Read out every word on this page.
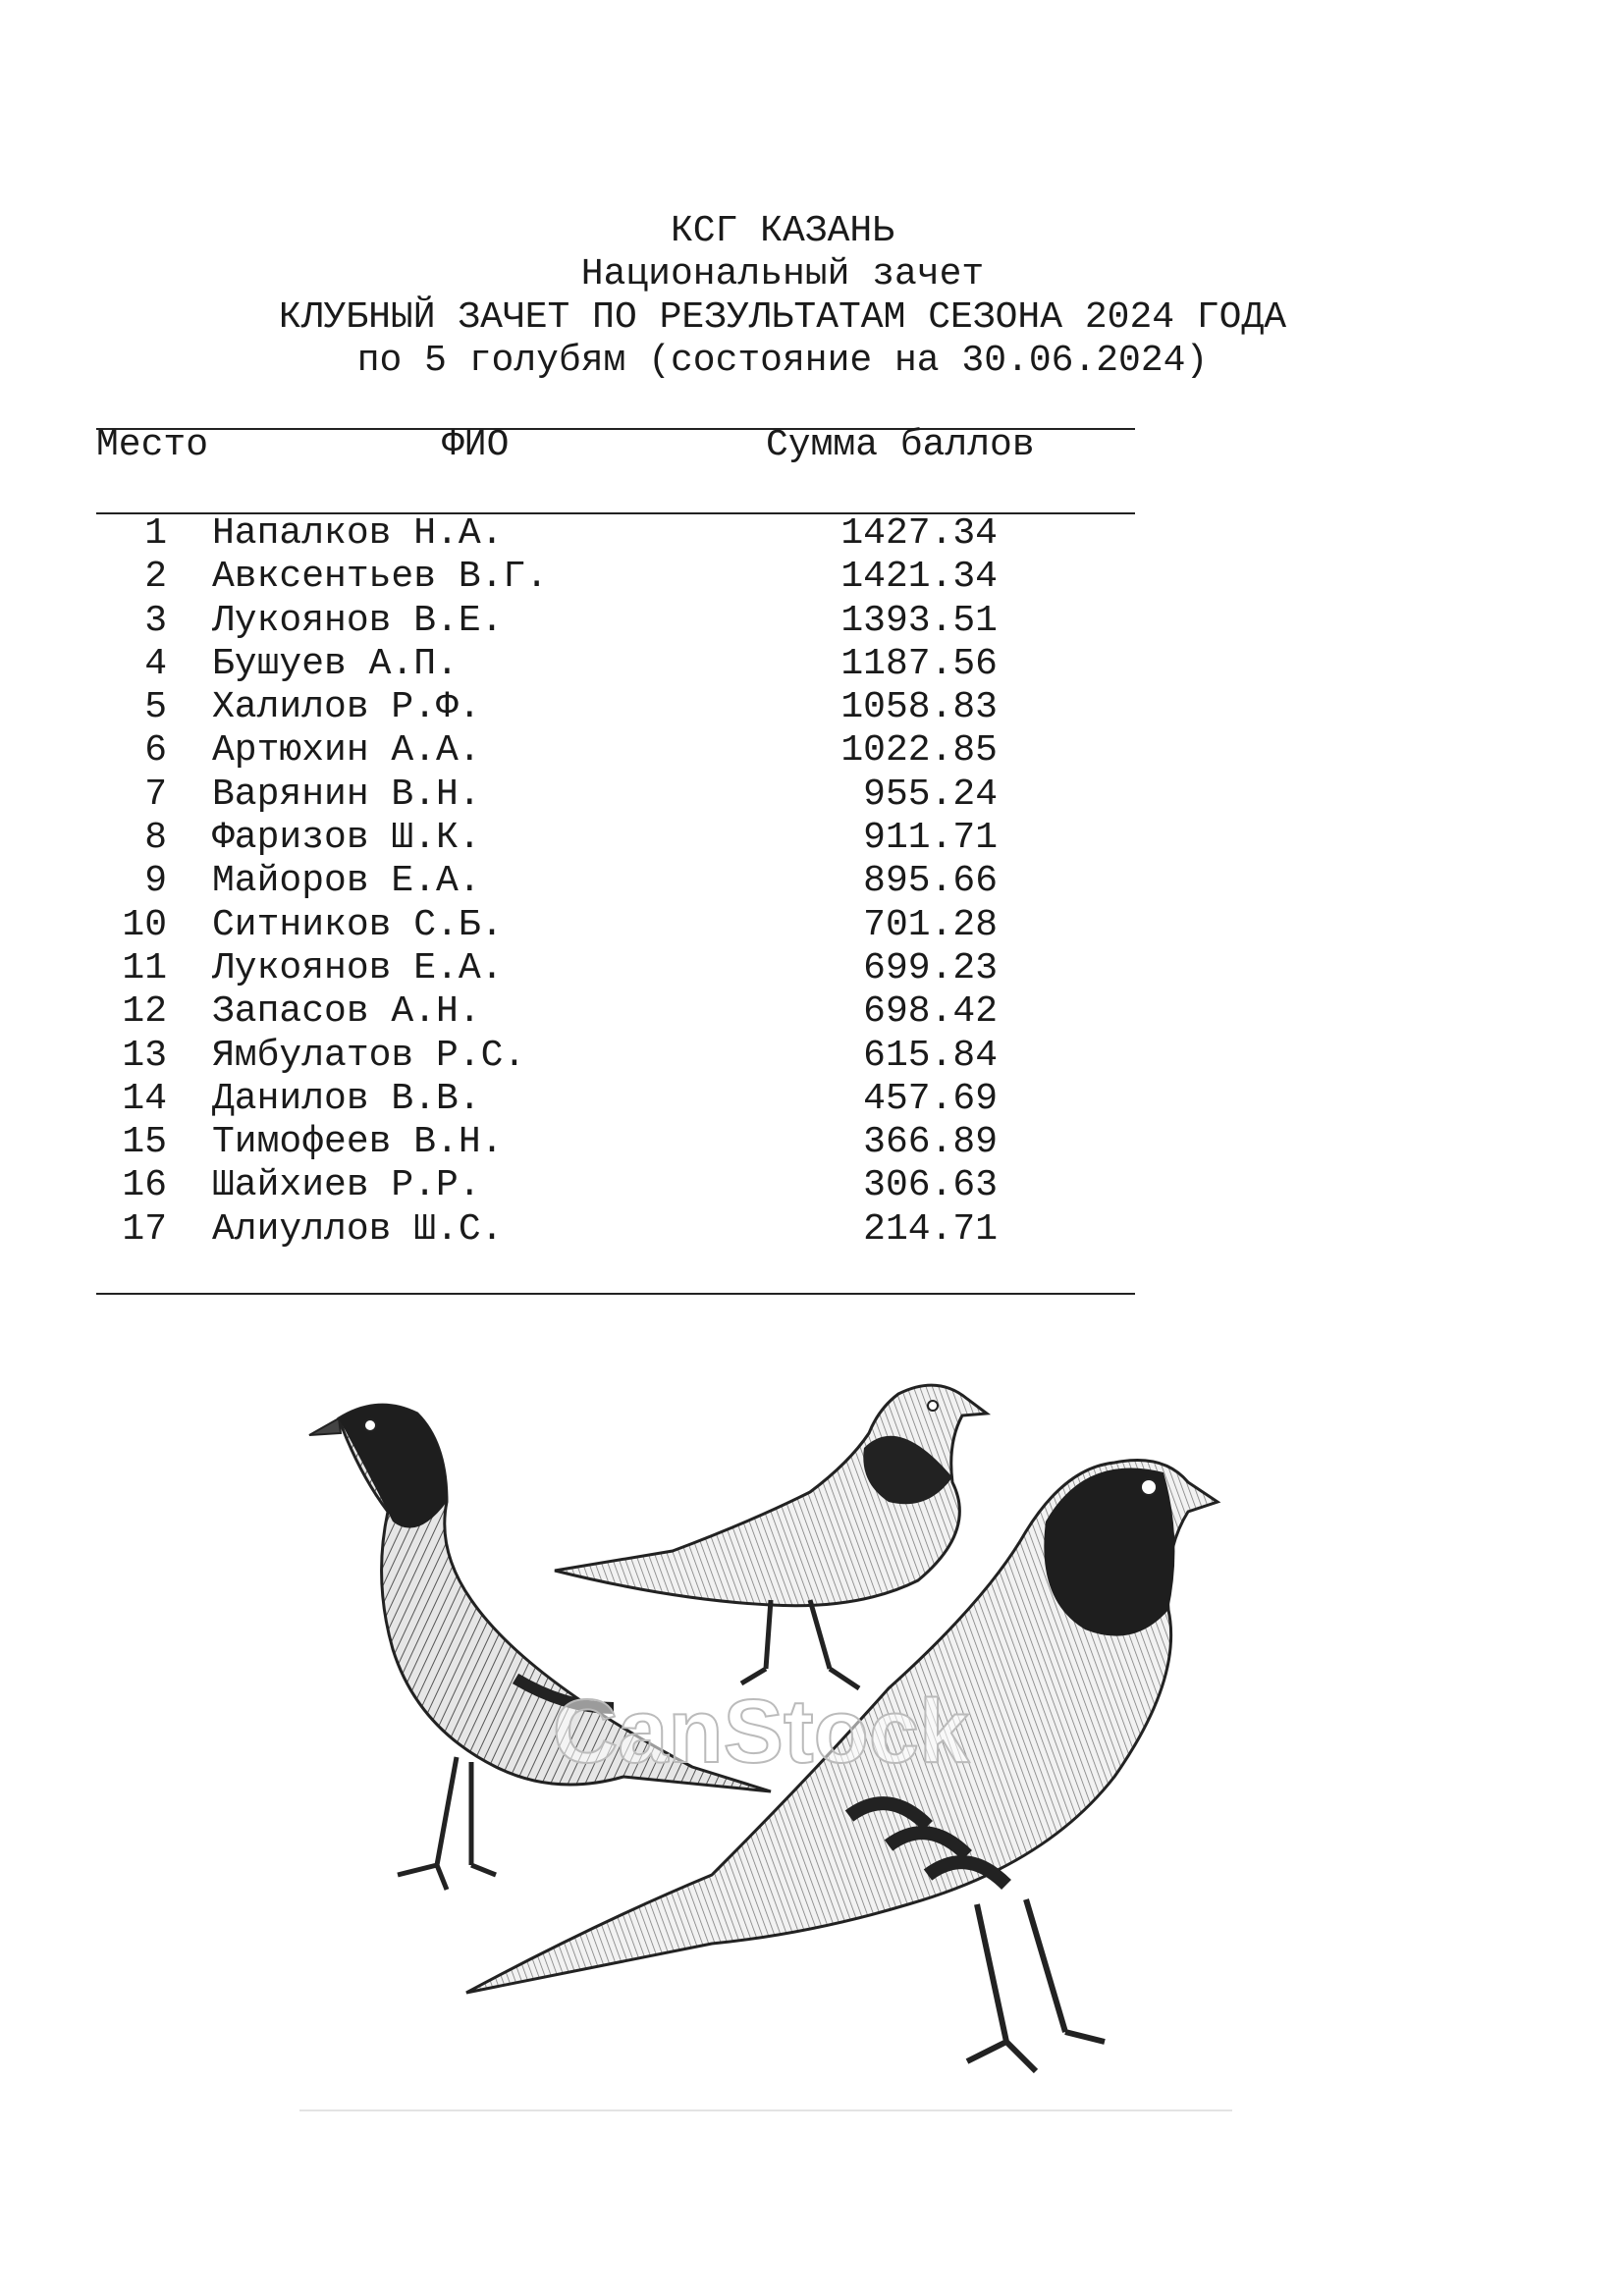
КСГ КАЗАНЬ
Национальный зачет
КЛУБНЫЙ ЗАЧЕТ ПО РЕЗУЛЬТАТАМ СЕЗОНА 2024 ГОДА
по 5 голубям (состояние на 30.06.2024)
Место	ФИО	Сумма баллов
1 Напалков Н.А.	1427.34
2 Авксентьев В.Г.	1421.34
3 Лукоянов В.Е.	1393.51
4 Бушуев А.П.	1187.56
5 Халилов Р.Ф.	1058.83
6 Артюхин А.А.	1022.85
7 Варянин В.Н.	955.24
8 Фаризов Ш.К.	911.71
9 Майоров Е.А.	895.66
10 Ситников С.Б.	701.28
11 Лукоянов Е.А.	699.23
12 Запасов А.Н.	698.42
13 Ямбулатов Р.С.	615.84
14 Данилов В.В.	457.69
15 Тимофеев В.Н.	366.89
16 Шайхиев Р.Р.	306.63
17 Алиуллов Ш.С.	214.71
CanStock
